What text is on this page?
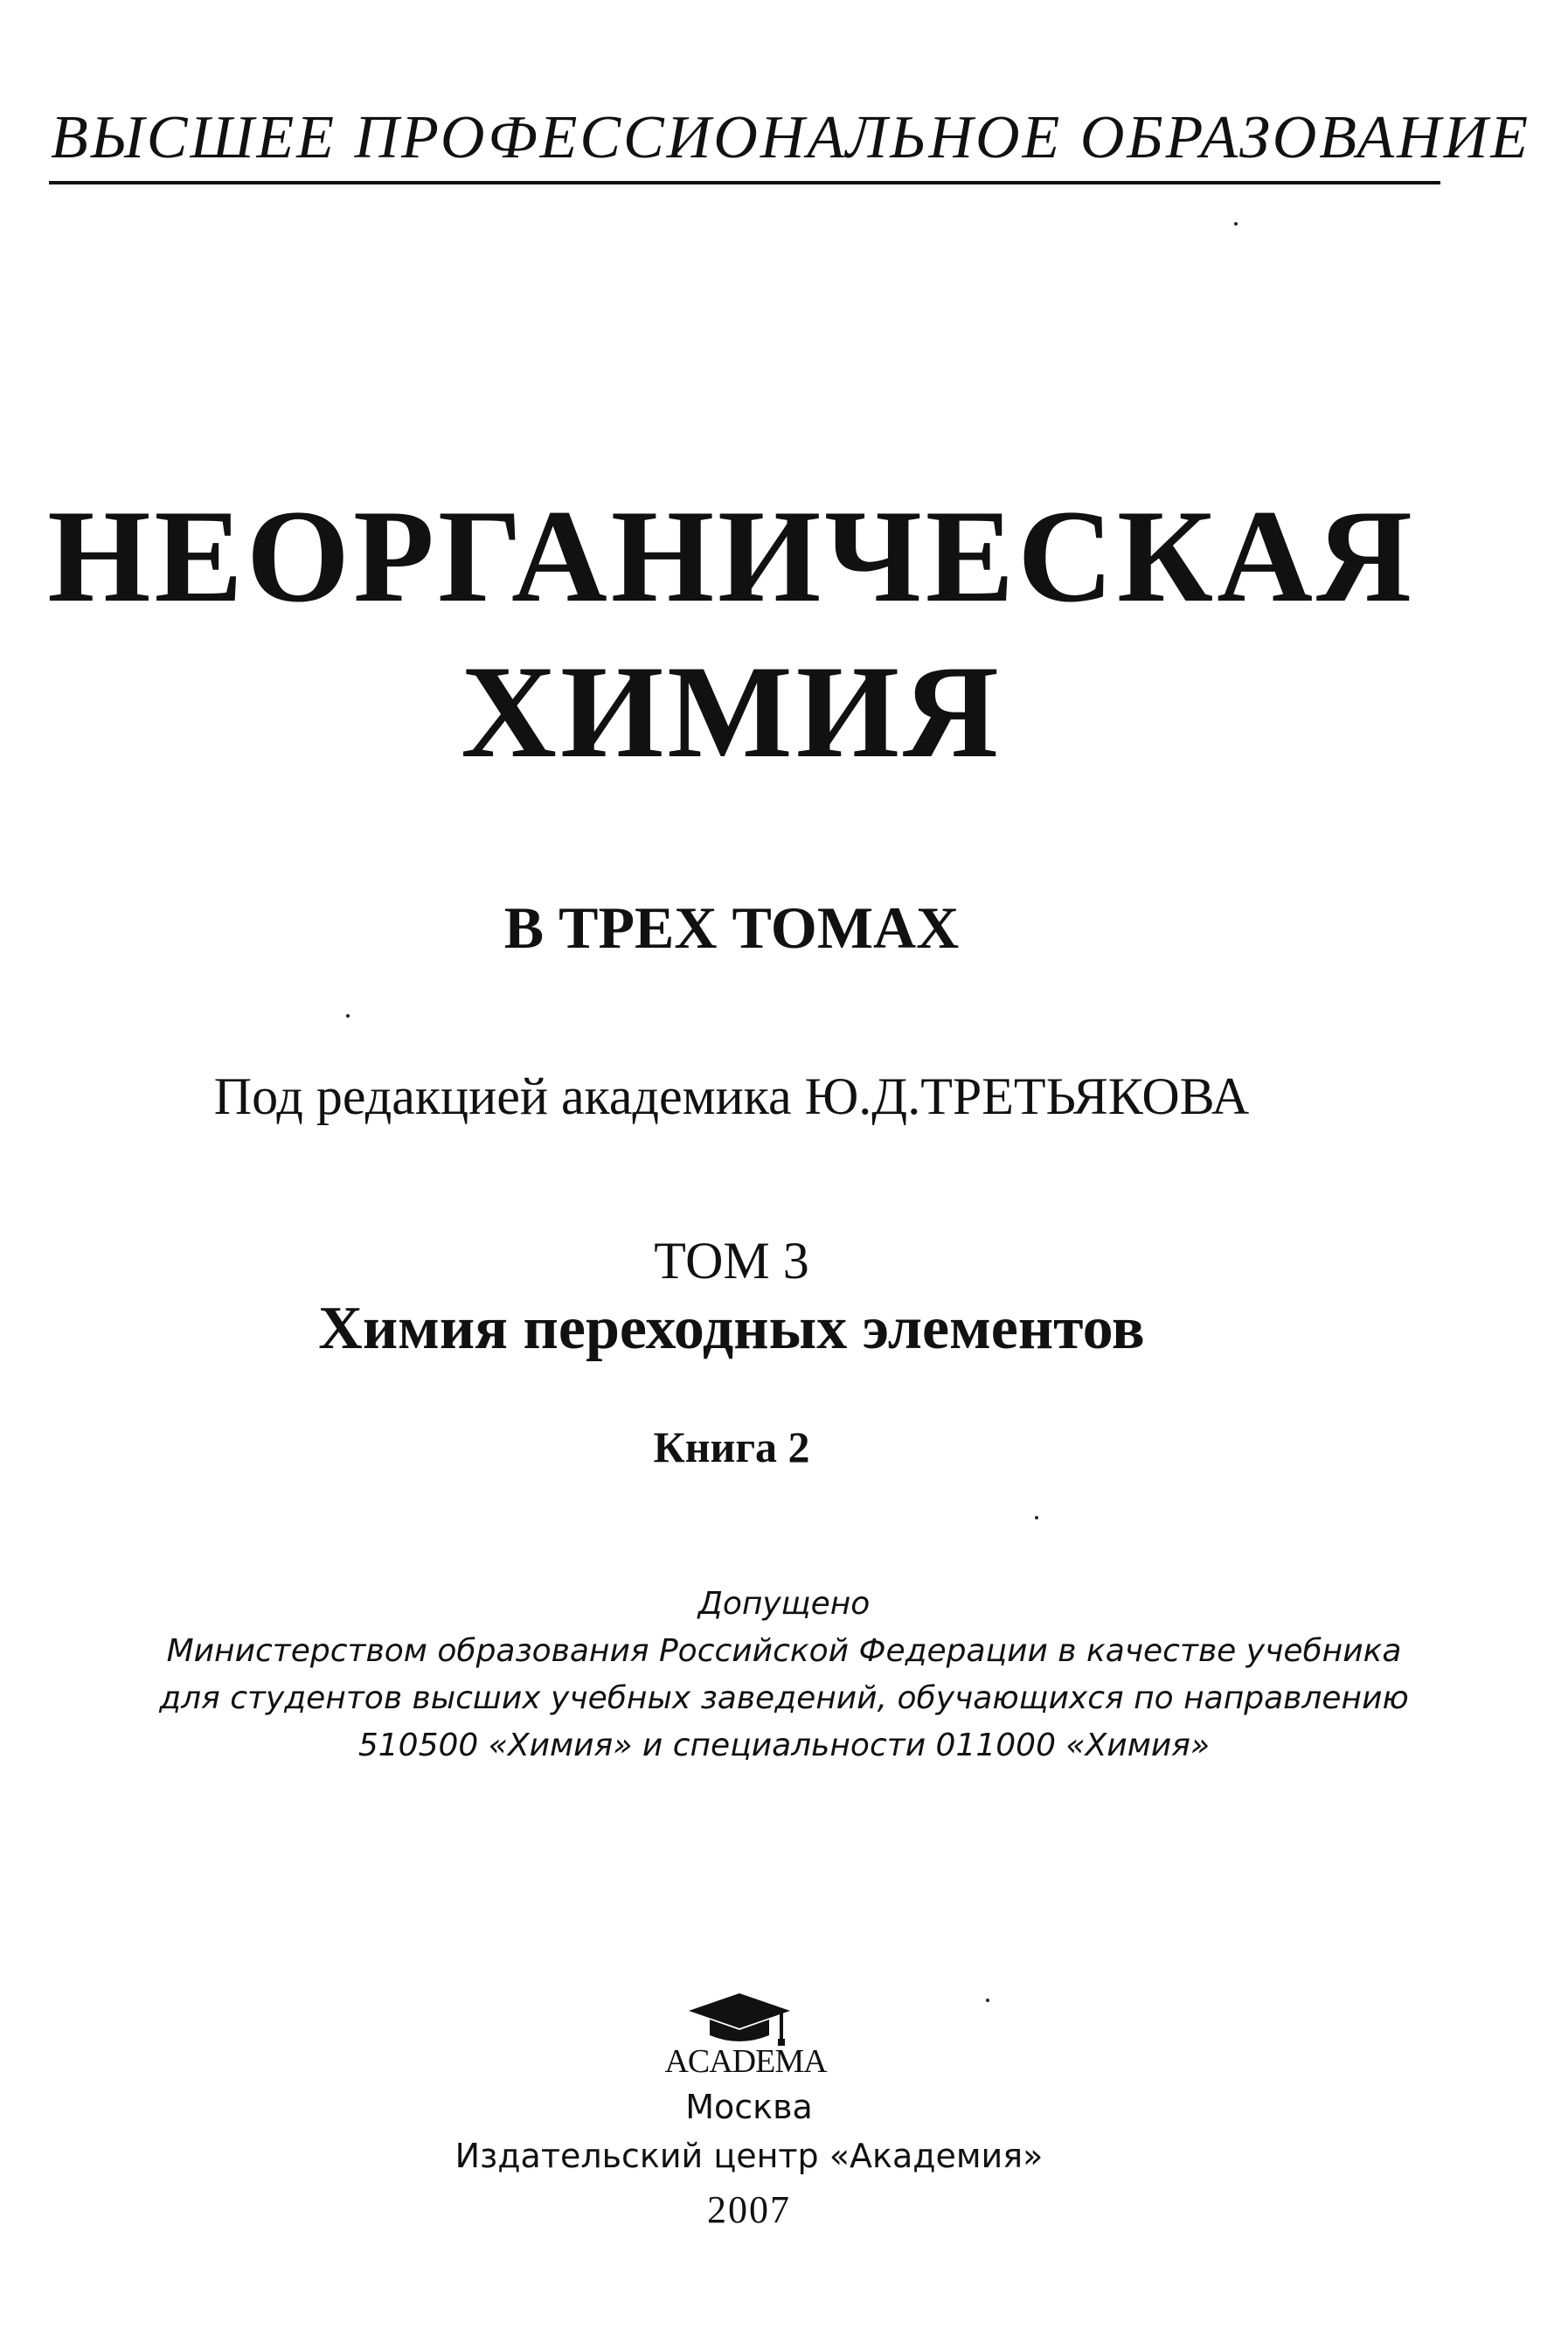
ВЫСШЕЕ ПРОФЕССИОНАЛЬНОЕ ОБРАЗОВАНИЕ
НЕОРГАНИЧЕСКАЯ
ХИМИЯ
В ТРЕХ ТОМАХ
Под редакцией академика Ю.Д.ТРЕТЬЯКОВА
ТОМ 3
Химия переходных элементов
Книга 2
Допущено
Министерством образования Российской Федерации в качестве учебника
для студентов высших учебных заведений, обучающихся по направлению
510500 «Химия» и специальности 011000 «Химия»
ACADEMA
Москва
Издательский центр «Академия»
2007
